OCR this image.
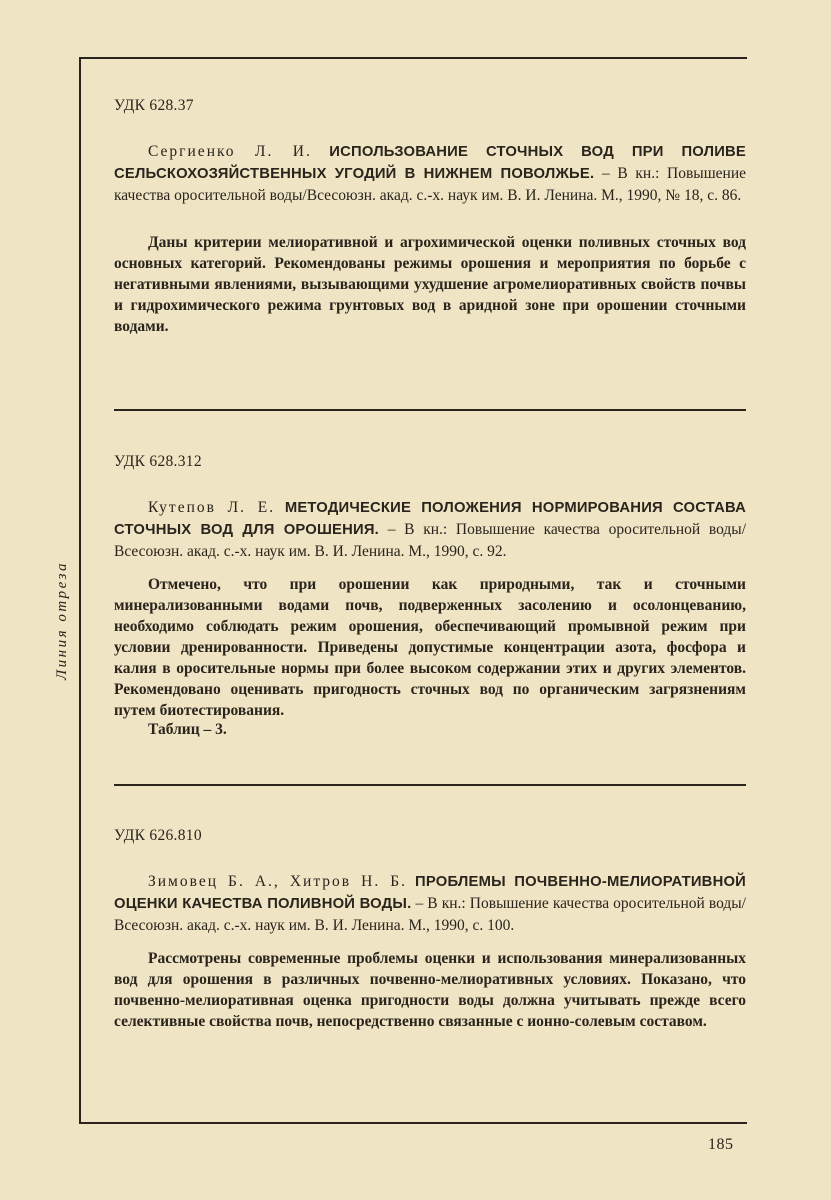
Линия отреза
УДК 628.37
Сергиенко Л. И. ИСПОЛЬЗОВАНИЕ СТОЧНЫХ ВОД ПРИ ПОЛИВЕ СЕЛЬСКОХОЗЯЙСТВЕННЫХ УГОДИЙ В НИЖНЕМ ПОВОЛЖЬЕ. – В кн.: Повышение качества оросительной воды/Всесоюзн. акад. с.-х. наук им. В. И. Ленина. М., 1990, № 18, с. 86.
Даны критерии мелиоративной и агрохимической оценки поливных сточных вод основных категорий. Рекомендованы режимы орошения и мероприятия по борьбе с негативными явлениями, вызывающими ухудшение агромелиоративных свойств почвы и гидрохимического режима грунтовых вод в аридной зоне при орошении сточными водами.
УДК 628.312
Кутепов Л. Е. МЕТОДИЧЕСКИЕ ПОЛОЖЕНИЯ НОРМИРОВАНИЯ СОСТАВА СТОЧНЫХ ВОД ДЛЯ ОРОШЕНИЯ. – В кн.: Повышение качества оросительной воды/Всесоюзн. акад. с.-х. наук им. В. И. Ленина. М., 1990, с. 92.
Отмечено, что при орошении как природными, так и сточными минерализованными водами почв, подверженных засолению и осолонцеванию, необходимо соблюдать режим орошения, обеспечивающий промывной режим при условии дренированности. Приведены допустимые концентрации азота, фосфора и калия в оросительные нормы при более высоком содержании этих и других элементов. Рекомендовано оценивать пригодность сточных вод по органическим загрязнениям путем биотестирования.
Таблиц – 3.
УДК 626.810
Зимовец Б. А., Хитров Н. Б. ПРОБЛЕМЫ ПОЧВЕННО-МЕЛИОРАТИВНОЙ ОЦЕНКИ КАЧЕСТВА ПОЛИВНОЙ ВОДЫ. – В кн.: Повышение качества оросительной воды/Всесоюзн. акад. с.-х. наук им. В. И. Ленина. М., 1990, с. 100.
Рассмотрены современные проблемы оценки и использования минерализованных вод для орошения в различных почвенно-мелиоративных условиях. Показано, что почвенно-мелиоративная оценка пригодности воды должна учитывать прежде всего селективные свойства почв, непосредственно связанные с ионно-солевым составом.
185
